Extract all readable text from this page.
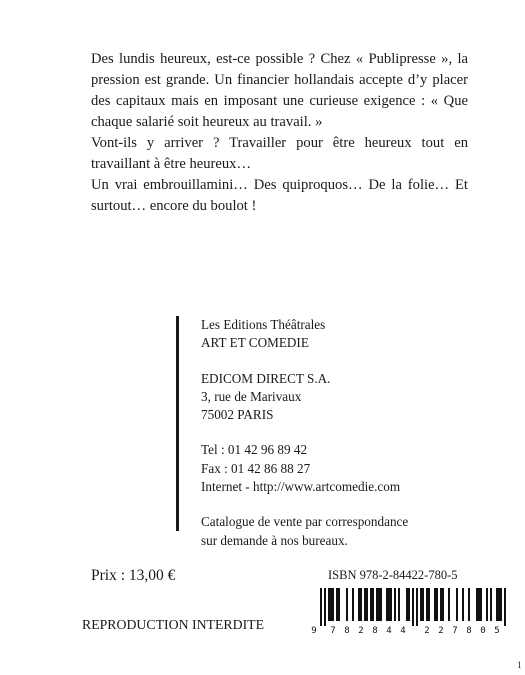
Des lundis heureux, est-ce possible ? Chez « Publipresse », la pression est grande. Un financier hollandais accepte d’y placer des capitaux mais en imposant une curieuse exigence : « Que chaque salarié soit heureux au travail. »

Vont-ils y arriver ? Travailler pour être heureux tout en travaillant à être heureux…

Un vrai embrouillamini… Des quiproquos… De la folie… Et surtout… encore du boulot !

Les Editions Théâtrales
ART ET COMEDIE
EDICOM DIRECT S.A.
3, rue de Marivaux
75002 PARIS
Tel : 01 42 96 89 42
Fax : 01 42 86 88 27
Internet - http://www.artcomedie.com
Catalogue de vente par correspondance
sur demande à nos bureaux.
Prix : 13,00 €	ISBN 978-2-84422-780-5
REPRODUCTION INTERDITE	9 7 8 2 8 4 4 2 2 7 8 0 5
1
